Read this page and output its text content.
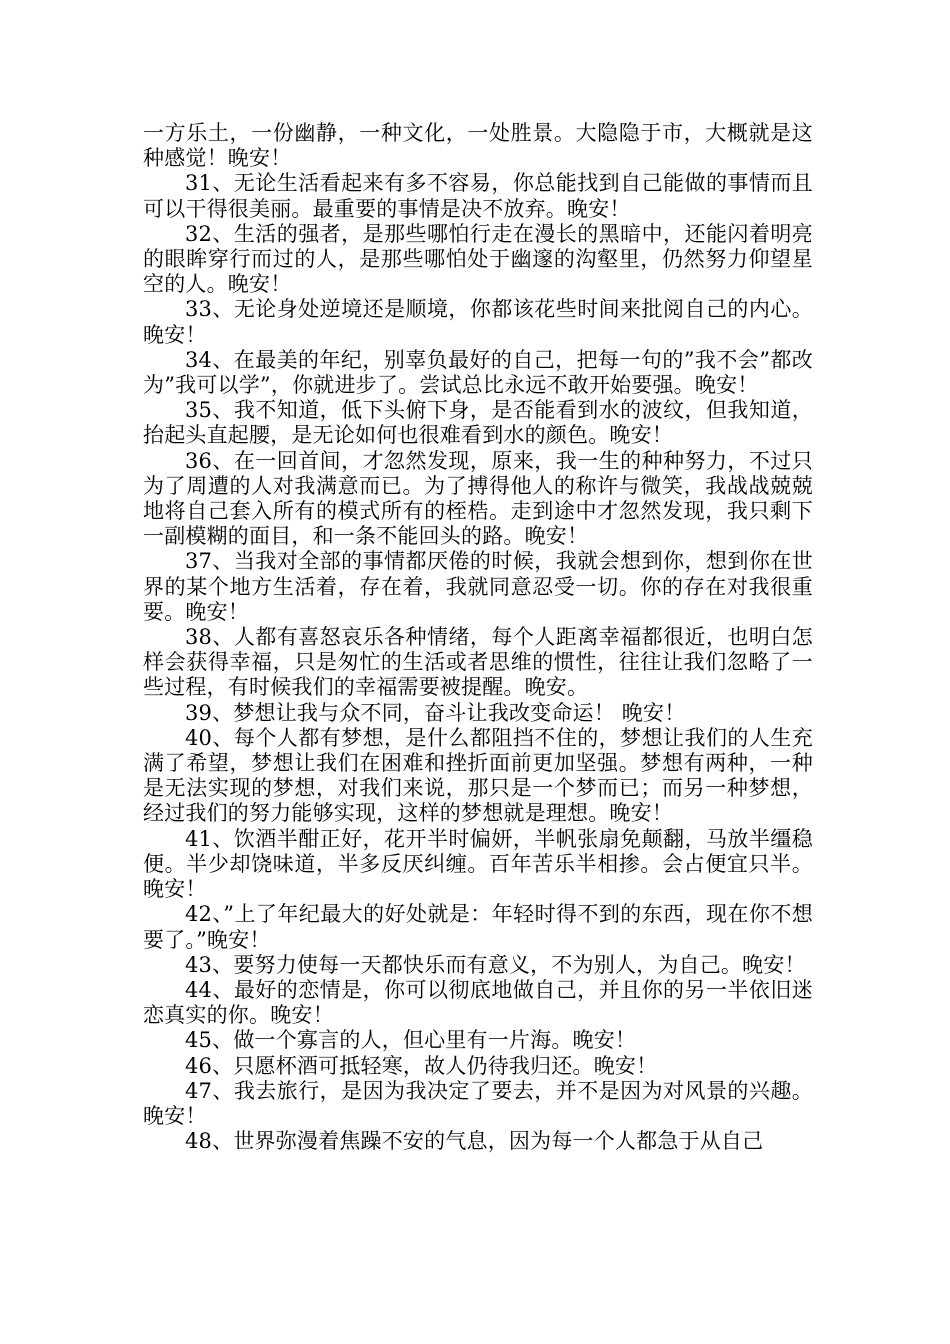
一方乐土，一份幽静，一种文化，一处胜景。大隐隐于市，大概就是这种感觉！晚安！

31、无论生活看起来有多不容易，你总能找到自己能做的事情而且可以干得很美丽。最重要的事情是决不放弃。晚安！

32、生活的强者，是那些哪怕行走在漫长的黑暗中，还能闪着明亮的眼眸穿行而过的人，是那些哪怕处于幽邃的沟壑里，仍然努力仰望星空的人。晚安！

33、无论身处逆境还是顺境，你都该花些时间来批阅自己的内心。晚安！

34、在最美的年纪，别辜负最好的自己，把每一句的”我不会”都改为”我可以学”，你就进步了。尝试总比永远不敢开始要强。晚安！

35、我不知道，低下头俯下身，是否能看到水的波纹，但我知道，抬起头直起腰，是无论如何也很难看到水的颜色。晚安！

36、在一回首间，才忽然发现，原来，我一生的种种努力，不过只为了周遭的人对我满意而已。为了搏得他人的称许与微笑，我战战兢兢地将自己套入所有的模式所有的桎梏。走到途中才忽然发现，我只剩下一副模糊的面目，和一条不能回头的路。晚安！

37、当我对全部的事情都厌倦的时候，我就会想到你，想到你在世界的某个地方生活着，存在着，我就同意忍受一切。你的存在对我很重要。晚安！

38、人都有喜怒哀乐各种情绪，每个人距离幸福都很近，也明白怎样会获得幸福，只是匆忙的生活或者思维的惯性，往往让我们忽略了一些过程，有时候我们的幸福需要被提醒。晚安。

39、梦想让我与众不同，奋斗让我改变命运！ 晚安！

40、每个人都有梦想，是什么都阻挡不住的，梦想让我们的人生充满了希望，梦想让我们在困难和挫折面前更加坚强。梦想有两种，一种是无法实现的梦想，对我们来说，那只是一个梦而已；而另一种梦想，经过我们的努力能够实现，这样的梦想就是理想。晚安！

41、饮酒半酣正好，花开半时偏妍，半帆张扇免颠翻，马放半缰稳便。半少却饶味道，半多反厌纠缠。百年苦乐半相掺。会占便宜只半。晚安！

42、”上了年纪最大的好处就是：年轻时得不到的东西，现在你不想要了。”晚安！

43、要努力使每一天都快乐而有意义，不为别人，为自己。晚安！

44、最好的恋情是，你可以彻底地做自己，并且你的另一半依旧迷恋真实的你。晚安！

45、做一个寡言的人，但心里有一片海。晚安！

46、只愿杯酒可抵轻寒，故人仍待我归还。晚安！

47、我去旅行，是因为我决定了要去，并不是因为对风景的兴趣。晚安！

48、世界弥漫着焦躁不安的气息，因为每一个人都急于从自己
